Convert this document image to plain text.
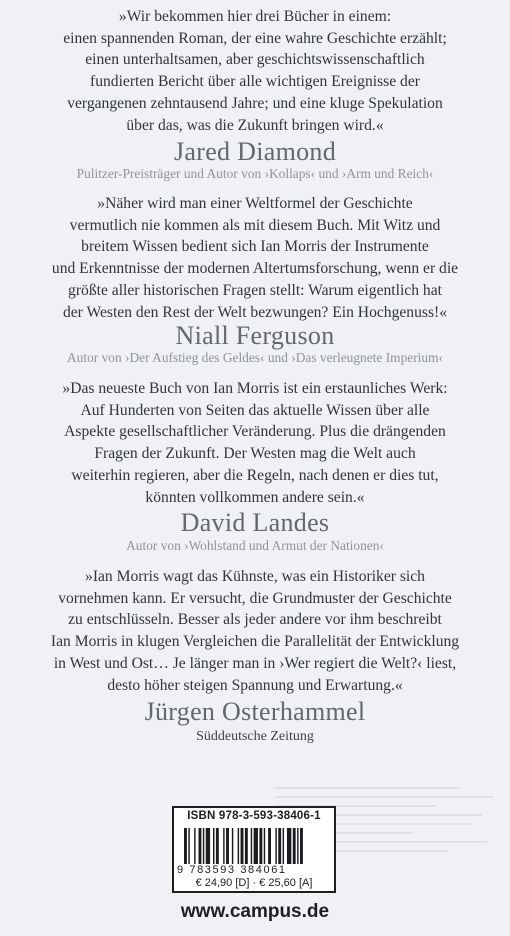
»Wir bekommen hier drei Bücher in einem:
einen spannenden Roman, der eine wahre Geschichte erzählt;
einen unterhaltsamen, aber geschichtswissenschaftlich
fundierten Bericht über alle wichtigen Ereignisse der
vergangenen zehntausend Jahre; und eine kluge Spekulation
über das, was die Zukunft bringen wird.«
Jared Diamond
Pulitzer-Preisträger und Autor von ›Kollaps‹ und ›Arm und Reich‹
»Näher wird man einer Weltformel der Geschichte
vermutlich nie kommen als mit diesem Buch. Mit Witz und
breitem Wissen bedient sich Ian Morris der Instrumente
und Erkenntnisse der modernen Altertumsforschung, wenn er die
größte aller historischen Fragen stellt: Warum eigentlich hat
der Westen den Rest der Welt bezwungen? Ein Hochgenuss!«
Niall Ferguson
Autor von ›Der Aufstieg des Geldes‹ und ›Das verleugnete Imperium‹
»Das neueste Buch von Ian Morris ist ein erstaunliches Werk:
Auf Hunderten von Seiten das aktuelle Wissen über alle
Aspekte gesellschaftlicher Veränderung. Plus die drängenden
Fragen der Zukunft. Der Westen mag die Welt auch
weiterhin regieren, aber die Regeln, nach denen er dies tut,
könnten vollkommen andere sein.«
David Landes
Autor von ›Wohlstand und Armut der Nationen‹
»Ian Morris wagt das Kühnste, was ein Historiker sich
vornehmen kann. Er versucht, die Grundmuster der Geschichte
zu entschlüsseln. Besser als jeder andere vor ihm beschreibt
Ian Morris in klugen Vergleichen die Parallelität der Entwicklung
in West und Ost… Je länger man in ›Wer regiert die Welt?‹ liest,
desto höher steigen Spannung und Erwartung.«
Jürgen Osterhammel
Süddeutsche Zeitung
ISBN 978-3-593-38406-1
9 783593 384061
€ 24,90 [D] · € 25,60 [A]
www.campus.de
